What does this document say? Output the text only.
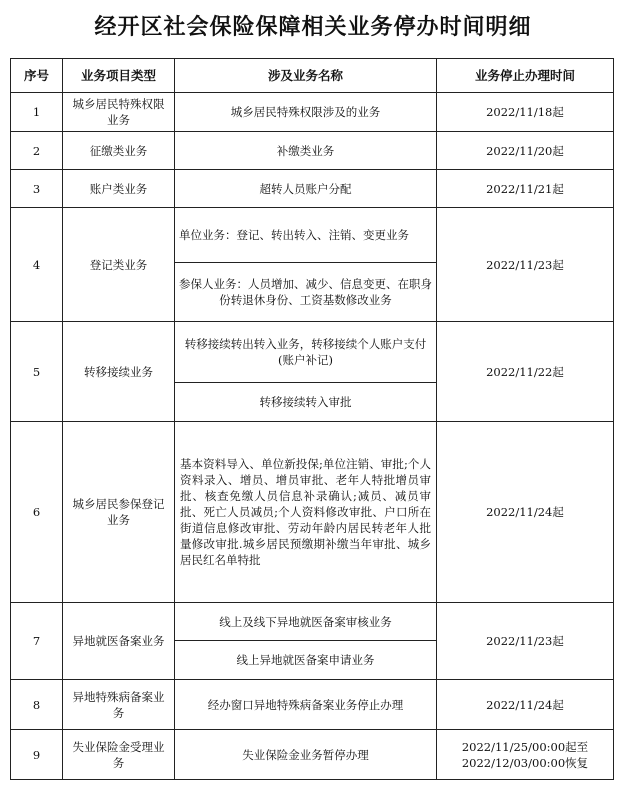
经开区社会保险保障相关业务停办时间明细
序号	业务项目类型	涉及业务名称	业务停止办理时间
1	城乡居民特殊权限业务	城乡居民特殊权限涉及的业务	2022/11/18起
2	征缴类业务	补缴类业务	2022/11/20起
3	账户类业务	超转人员账户分配	2022/11/21起
4	登记类业务	单位业务：登记、转出转入、注销、变更业务	2022/11/23起
		参保人业务：人员增加、减少、信息变更、在职身份转退休身份、工资基数修改业务	
5	转移接续业务	转移接续转出转入业务，转移接续个人账户支付(账户补记)	2022/11/22起
		转移接续转入审批	
6	城乡居民参保登记业务	基本资料导入、单位新投保;单位注销、审批;个人资料录入、增员、增员审批、老年人特批增员审批、核查免缴人员信息补录确认;减员、减员审批、死亡人员减员;个人资料修改审批、户口所在街道信息修改审批、劳动年龄内居民转老年人批量修改审批.城乡居民预缴期补缴当年审批、城乡居民红名单特批	2022/11/24起
7	异地就医备案业务	线上及线下异地就医备案审核业务	2022/11/23起
		线上异地就医备案申请业务	
8	异地特殊病备案业务	经办窗口异地特殊病备案业务停止办理	2022/11/24起
9	失业保险金受理业务	失业保险金业务暂停办理	2022/11/25/00:00起至
2022/12/03/00:00恢复
